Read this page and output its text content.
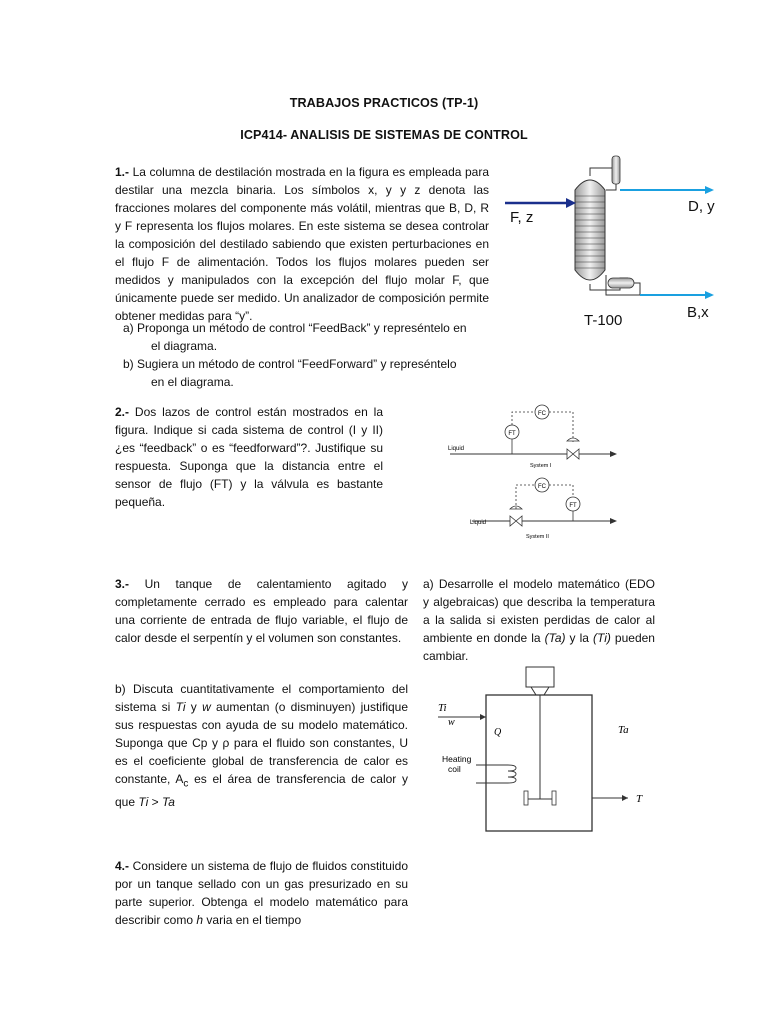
TRABAJOS PRACTICOS (TP-1)
ICP414- ANALISIS DE SISTEMAS DE CONTROL
1.- La columna de destilación mostrada en la figura es empleada para destilar una mezcla binaria. Los símbolos x, y y z denota las fracciones molares del componente más volátil, mientras que B, D, R y F representa los flujos molares. En este sistema se desea controlar la composición del destilado sabiendo que existen perturbaciones en el flujo F de alimentación. Todos los flujos molares pueden ser medidos y manipulados con la excepción del flujo molar F, que únicamente puede ser medido. Un analizador de composición permite obtener medidas para “y”.
a) Proponga un método de control “FeedBack” y represéntelo en
el diagrama.
b) Sugiera un método de control “FeedForward” y represéntelo
en el diagrama.
F, z
D, y
B,x
T-100
2.- Dos lazos de control están mostrados en la figura. Indique si cada sistema de control (I y II) ¿es “feedback” o es “feedforward”?. Justifique su respuesta. Suponga que la distancia entre el sensor de flujo (FT) y la válvula es bastante pequeña.
FT
FC
Liquid
System I
FC
FT
Liquid
System II
3.- Un tanque de calentamiento agitado y completamente cerrado es empleado para calentar una corriente de entrada de flujo variable, el flujo de calor desde el serpentín y el volumen son constantes.
a) Desarrolle el modelo matemático (EDO y algebraicas) que describa la temperatura a la salida si existen perdidas de calor al ambiente en donde la (Ta) y la (Ti) pueden cambiar.
b) Discuta cuantitativamente el comportamiento del sistema si Ti y w aumentan (o disminuyen) justifique sus respuestas con ayuda de su modelo matemático. Suponga que Cp y ρ para el fluido son constantes, U es el coeficiente global de transferencia de calor es constante, $A_c$ es el área de transferencia de calor y que Ti > Ta
Ti
w
Q	Ta
Heating
coil
T
4.- Considere un sistema de flujo de fluidos constituido por un tanque sellado con un gas presurizado en su parte superior. Obtenga el modelo matemático para describir como h varia en el tiempo
